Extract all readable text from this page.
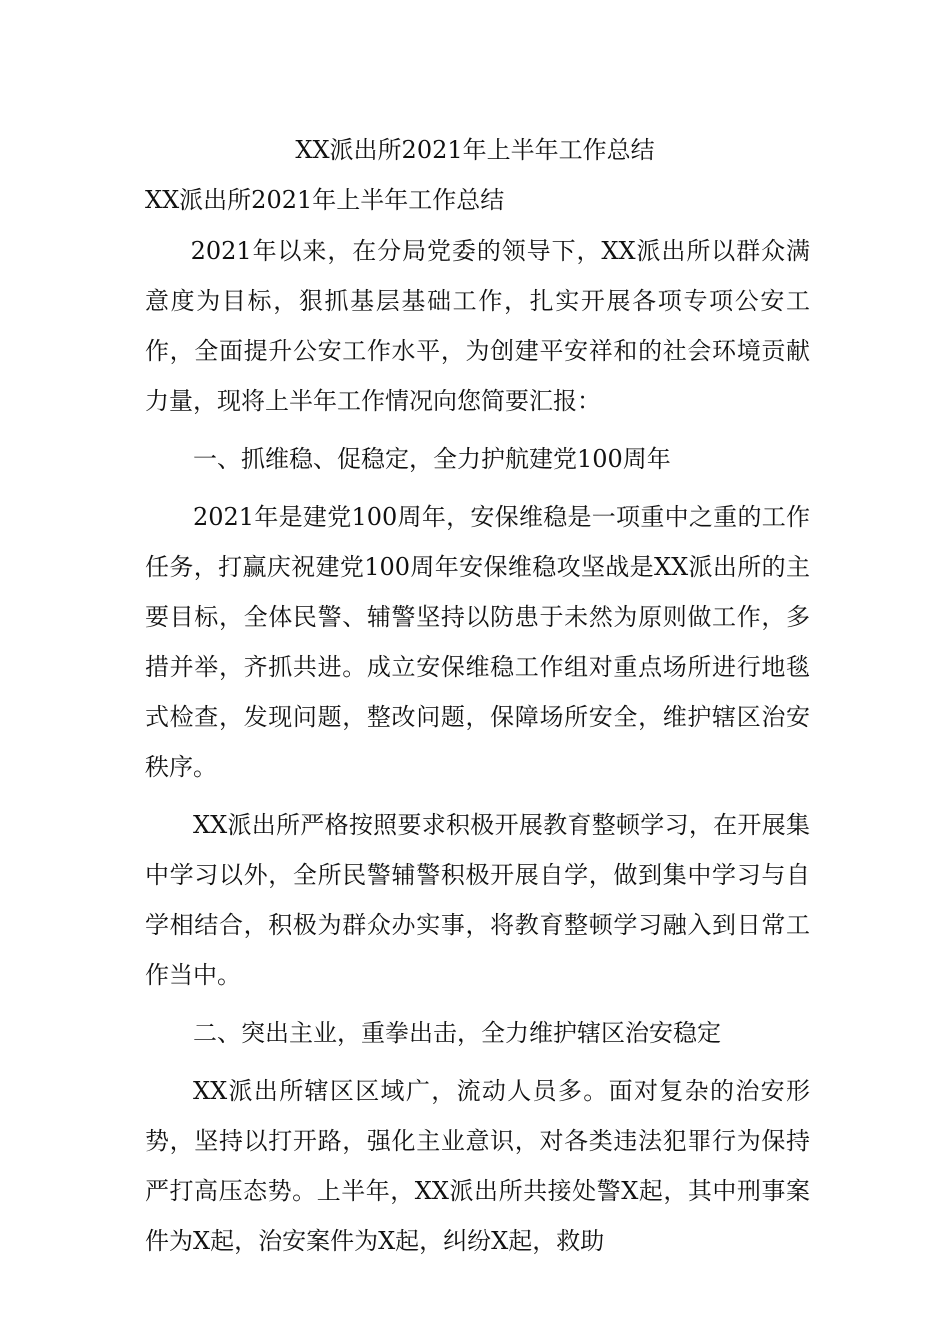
XX派出所2021年上半年工作总结
XX派出所2021年上半年工作总结

2021年以来，在分局党委的领导下，XX派出所以群众满意度为目标，狠抓基层基础工作，扎实开展各项专项公安工作，全面提升公安工作水平，为创建平安祥和的社会环境贡献力量，现将上半年工作情况向您简要汇报：

一、抓维稳、促稳定，全力护航建党100周年

2021年是建党100周年，安保维稳是一项重中之重的工作任务，打赢庆祝建党100周年安保维稳攻坚战是XX派出所的主要目标，全体民警、辅警坚持以防患于未然为原则做工作，多措并举，齐抓共进。成立安保维稳工作组对重点场所进行地毯式检查，发现问题，整改问题，保障场所安全，维护辖区治安秩序。

XX派出所严格按照要求积极开展教育整顿学习，在开展集中学习以外，全所民警辅警积极开展自学，做到集中学习与自学相结合，积极为群众办实事，将教育整顿学习融入到日常工作当中。

二、突出主业，重拳出击，全力维护辖区治安稳定

XX派出所辖区区域广，流动人员多。面对复杂的治安形势，坚持以打开路，强化主业意识，对各类违法犯罪行为保持严打高压态势。上半年，XX派出所共接处警X起，其中刑事案件为X起，治安案件为X起，纠纷X起，救助
